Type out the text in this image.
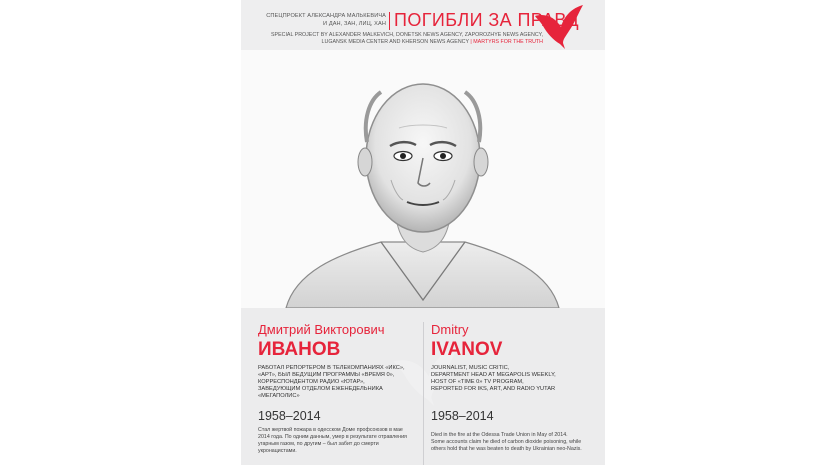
СПЕЦПРОЕКТ АЛЕКСАНДРА МАЛЬКЕВИЧА
И ДАН, ЗАН, ЛИЦ, ХАН ПОГИБЛИ ЗА ПРАВД
SPECIAL PROJECT BY ALEXANDER MALKEVICH, DONETSK NEWS AGENCY, ZAPOROZHYE NEWS AGENCY,
LUGANSK MEDIA CENTER AND KHERSON NEWS AGENCY | MARTYRS FOR THE TRUTH
Дмитрий Викторович
ИВАНОВ
РАБОТАЛ РЕПОРТЕРОМ В ТЕЛЕКОМПАНИЯХ «ИКС»,
«АРТ», БЫЛ ВЕДУЩИМ ПРОГРАММЫ «ВРЕМЯ 0»,
КОРРЕСПОНДЕНТОМ РАДИО «ЮТАР»,
ЗАВЕДУЮЩИМ ОТДЕЛОМ ЕЖЕНЕДЕЛЬНИКА
«МЕГАПОЛИС»
1958–2014
Стал жертвой пожара в одесском Доме профсоюзов в мае
2014 года. По одним данным, умер в результате отравления
угарным газом, по другим – был забит до смерти
укронацистами.
Dmitry
IVANOV
JOURNALIST, MUSIC CRITIC,
DEPARTMENT HEAD AT MEGAPOLIS WEEKLY,
HOST OF «TIME 0» TV PROGRAM,
REPORTED FOR IKS, ART, AND RADIO YUTAR
1958–2014
Died in the fire at the Odessa Trade Union in May of 2014.
Some accounts claim he died of carbon dioxide poisoning, while
others hold that he was beaten to death by Ukrainian neo-Nazis.
